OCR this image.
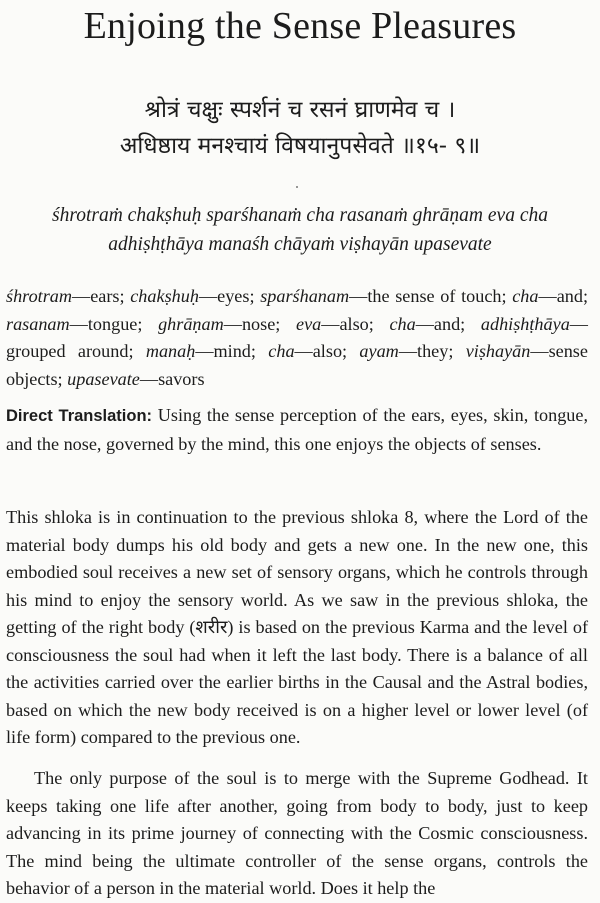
Enjoing the Sense Pleasures
श्रोत्रं चक्षुः स्पर्शनं च रसनं घ्राणमेव च ।
अधिष्ठाय मनश्चायं विषयानुपसेवते ॥१५- ९॥
śhrotraṁ chakṣhuḥ sparśhanaṁ cha rasanaṁ ghrāṇam eva cha
adhiṣhṭhāya manaśh chāyaṁ viṣhayān upasevate

śhrotram—ears; chakṣhuḥ—eyes; sparśhanam—the sense of touch; cha—and; rasanam—tongue; ghrāṇam—nose; eva—also; cha—and; adhiṣhṭhāya—grouped around; manaḥ—mind; cha—also; ayam—they; viṣhayān—sense objects; upasevate—savors

Direct Translation: Using the sense perception of the ears, eyes, skin, tongue, and the nose, governed by the mind, this one enjoys the objects of senses.

This shloka is in continuation to the previous shloka 8, where the Lord of the material body dumps his old body and gets a new one. In the new one, this embodied soul receives a new set of sensory organs, which he controls through his mind to enjoy the sensory world. As we saw in the previous shloka, the getting of the right body (शरीर) is based on the previous Karma and the level of consciousness the soul had when it left the last body. There is a balance of all the activities carried over the earlier births in the Causal and the Astral bodies, based on which the new body received is on a higher level or lower level (of life form) compared to the previous one.

The only purpose of the soul is to merge with the Supreme Godhead. It keeps taking one life after another, going from body to body, just to keep advancing in its prime journey of connecting with the Cosmic consciousness. The mind being the ultimate controller of the sense organs, controls the behavior of a person in the material world. Does it help the
